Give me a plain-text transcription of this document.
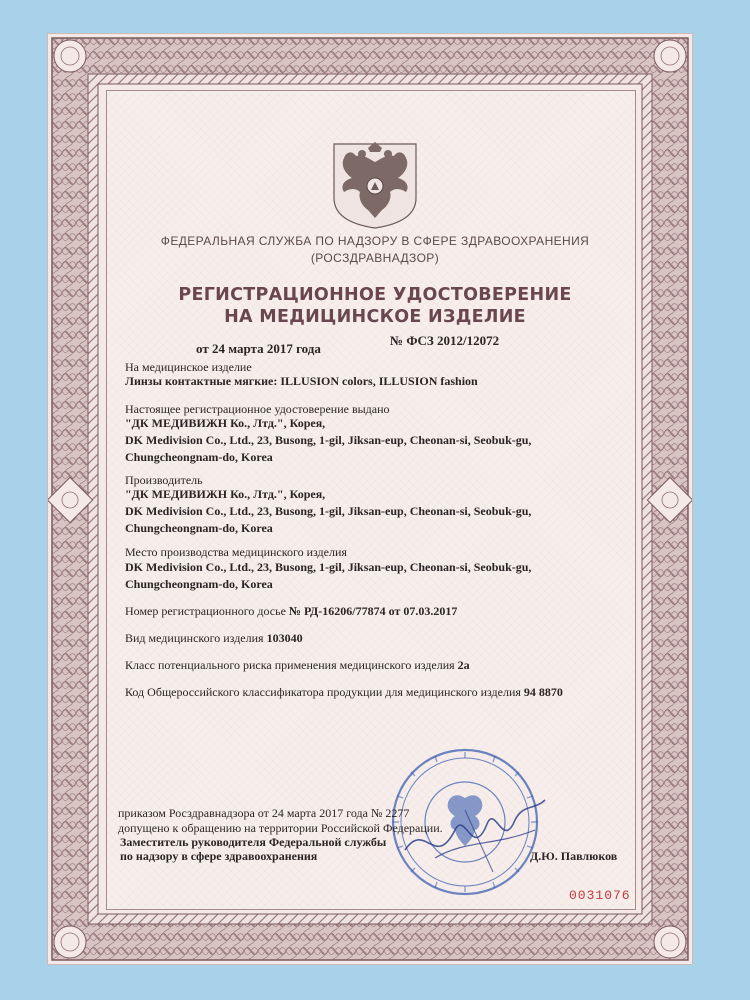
ФЕДЕРАЛЬНАЯ СЛУЖБА ПО НАДЗОРУ В СФЕРЕ ЗДРАВООХРАНЕНИЯ
(РОСЗДРАВНАДЗОР)
РЕГИСТРАЦИОННОЕ УДОСТОВЕРЕНИЕ
НА МЕДИЦИНСКОЕ ИЗДЕЛИЕ
№ ФСЗ 2012/12072
от 24 марта 2017 года
На медицинское изделие
Линзы контактные мягкие: ILLUSION colors, ILLUSION fashion
Настоящее регистрационное удостоверение выдано
"ДК МЕДИВИЖН Ко., Лтд.", Корея,
DK Medivision Co., Ltd., 23, Busong, 1-gil, Jiksan-eup, Cheonan-si, Seobuk-gu,
Chungcheongnam-do, Korea
Производитель
"ДК МЕДИВИЖН Ко., Лтд.", Корея,
DK Medivision Co., Ltd., 23, Busong, 1-gil, Jiksan-eup, Cheonan-si, Seobuk-gu,
Chungcheongnam-do, Korea
Место производства медицинского изделия
DK Medivision Co., Ltd., 23, Busong, 1-gil, Jiksan-eup, Cheonan-si, Seobuk-gu,
Chungcheongnam-do, Korea
Номер регистрационного досье № РД-16206/77874 от 07.03.2017
Вид медицинского изделия 103040
Класс потенциального риска применения медицинского изделия 2а
Код Общероссийского классификатора продукции для медицинского изделия 94 8870
приказом Росздравнадзора от 24 марта 2017 года № 2277
допущено к обращению на территории Российской Федерации.
Заместитель руководителя Федеральной службы
по надзору в сфере здравоохранения	Д.Ю. Павлюков
0031076
